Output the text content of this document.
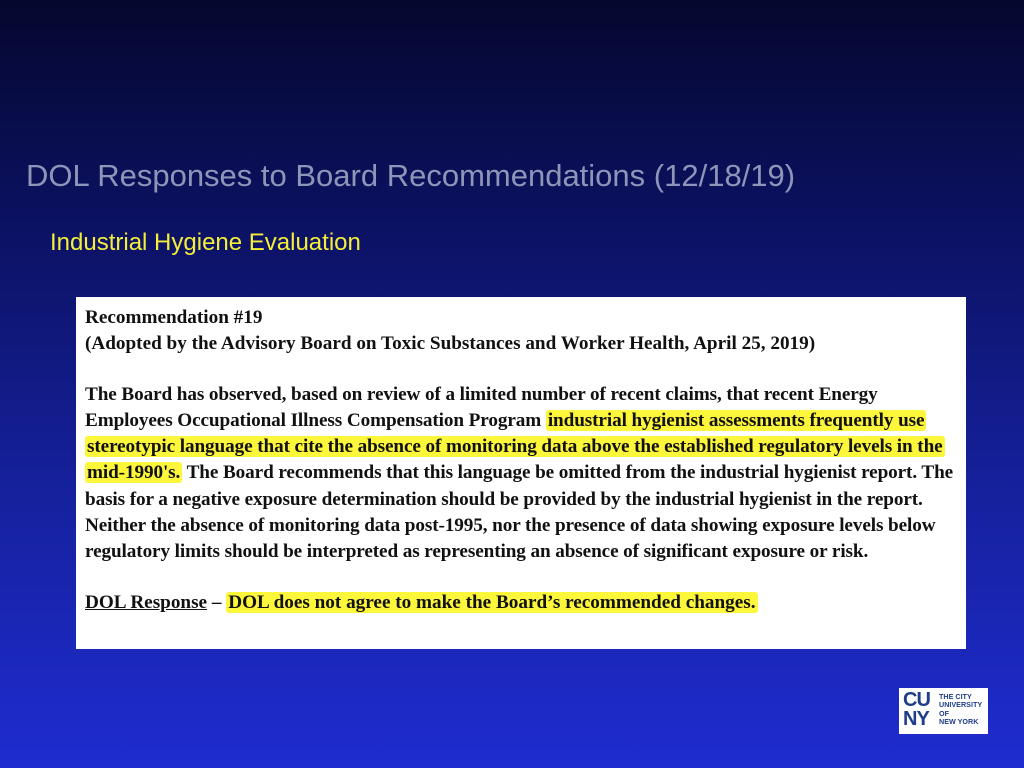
DOL Responses to Board Recommendations (12/18/19)
Industrial Hygiene Evaluation

Recommendation #19

(Adopted by the Advisory Board on Toxic Substances and Worker Health, April 25, 2019)

The Board has observed, based on review of a limited number of recent claims, that recent Energy Employees Occupational Illness Compensation Program industrial hygienist assessments frequently use stereotypic language that cite the absence of monitoring data above the established regulatory levels in the mid-1990's. The Board recommends that this language be omitted from the industrial hygienist report. The basis for a negative exposure determination should be provided by the industrial hygienist in the report. Neither the absence of monitoring data post-1995, nor the presence of data showing exposure levels below regulatory limits should be interpreted as representing an absence of significant exposure or risk.

DOL Response – DOL does not agree to make the Board’s recommended changes.

CU
NY
THE CITY
UNIVERSITY
OF
NEW YORK
